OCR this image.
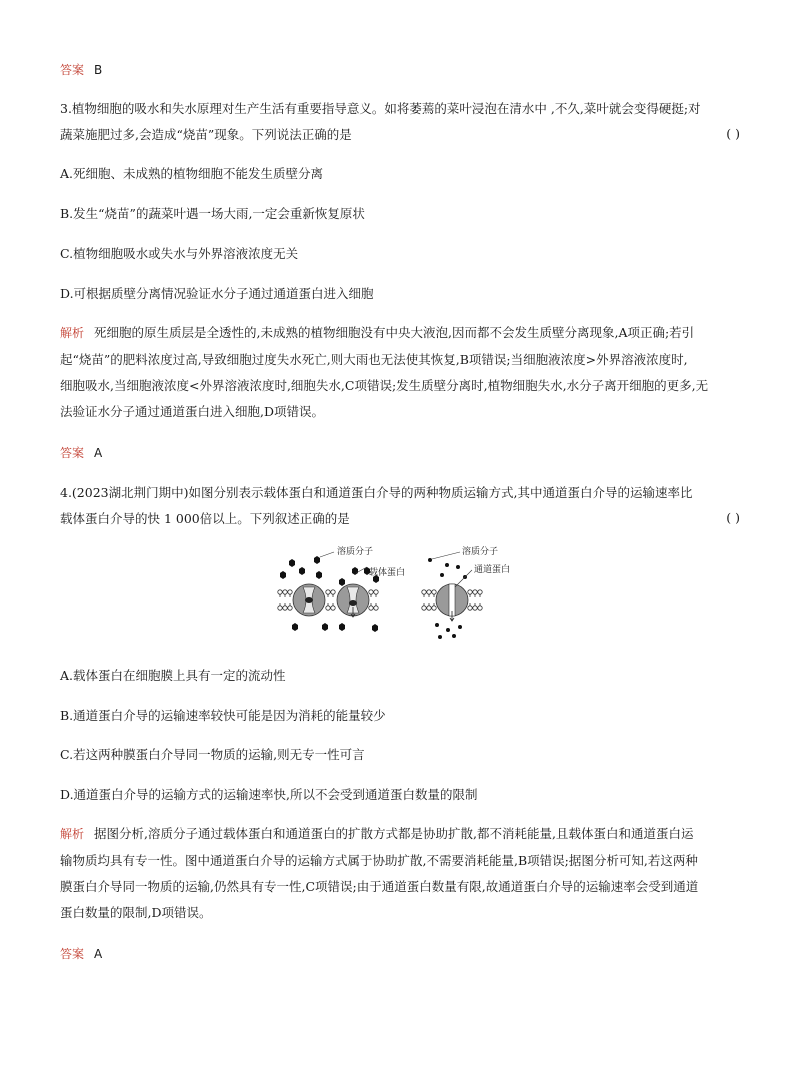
答案 B
3.植物细胞的吸水和失水原理对生产生活有重要指导意义。如将萎蔫的菜叶浸泡在清水中 ,不久,菜叶就会变得硬挺;对
蔬菜施肥过多,会造成“烧苗”现象。下列说法正确的是	( )
A.死细胞、未成熟的植物细胞不能发生质壁分离
B.发生“烧苗”的蔬菜叶遇一场大雨,一定会重新恢复原状
C.植物细胞吸水或失水与外界溶液浓度无关
D.可根据质壁分离情况验证水分子通过通道蛋白进入细胞
解析 死细胞的原生质层是全透性的,未成熟的植物细胞没有中央大液泡,因而都不会发生质壁分离现象,A项正确;若引
起“烧苗”的肥料浓度过高,导致细胞过度失水死亡,则大雨也无法使其恢复,B项错误;当细胞液浓度>外界溶液浓度时,
细胞吸水,当细胞液浓度<外界溶液浓度时,细胞失水,C项错误;发生质壁分离时,植物细胞失水,水分子离开细胞的更多,无
法验证水分子通过通道蛋白进入细胞,D项错误。
答案 A
4.(2023湖北荆门期中)如图分别表示载体蛋白和通道蛋白介导的两种物质运输方式,其中通道蛋白介导的运输速率比
载体蛋白介导的快 1 000倍以上。下列叙述正确的是	( )
溶质分子
载体蛋白
溶质分子
通道蛋白
A.载体蛋白在细胞膜上具有一定的流动性
B.通道蛋白介导的运输速率较快可能是因为消耗的能量较少
C.若这两种膜蛋白介导同一物质的运输,则无专一性可言
D.通道蛋白介导的运输方式的运输速率快,所以不会受到通道蛋白数量的限制
解析 据图分析,溶质分子通过载体蛋白和通道蛋白的扩散方式都是协助扩散,都不消耗能量,且载体蛋白和通道蛋白运
输物质均具有专一性。图中通道蛋白介导的运输方式属于协助扩散,不需要消耗能量,B项错误;据图分析可知,若这两种
膜蛋白介导同一物质的运输,仍然具有专一性,C项错误;由于通道蛋白数量有限,故通道蛋白介导的运输速率会受到通道
蛋白数量的限制,D项错误。
答案 A
